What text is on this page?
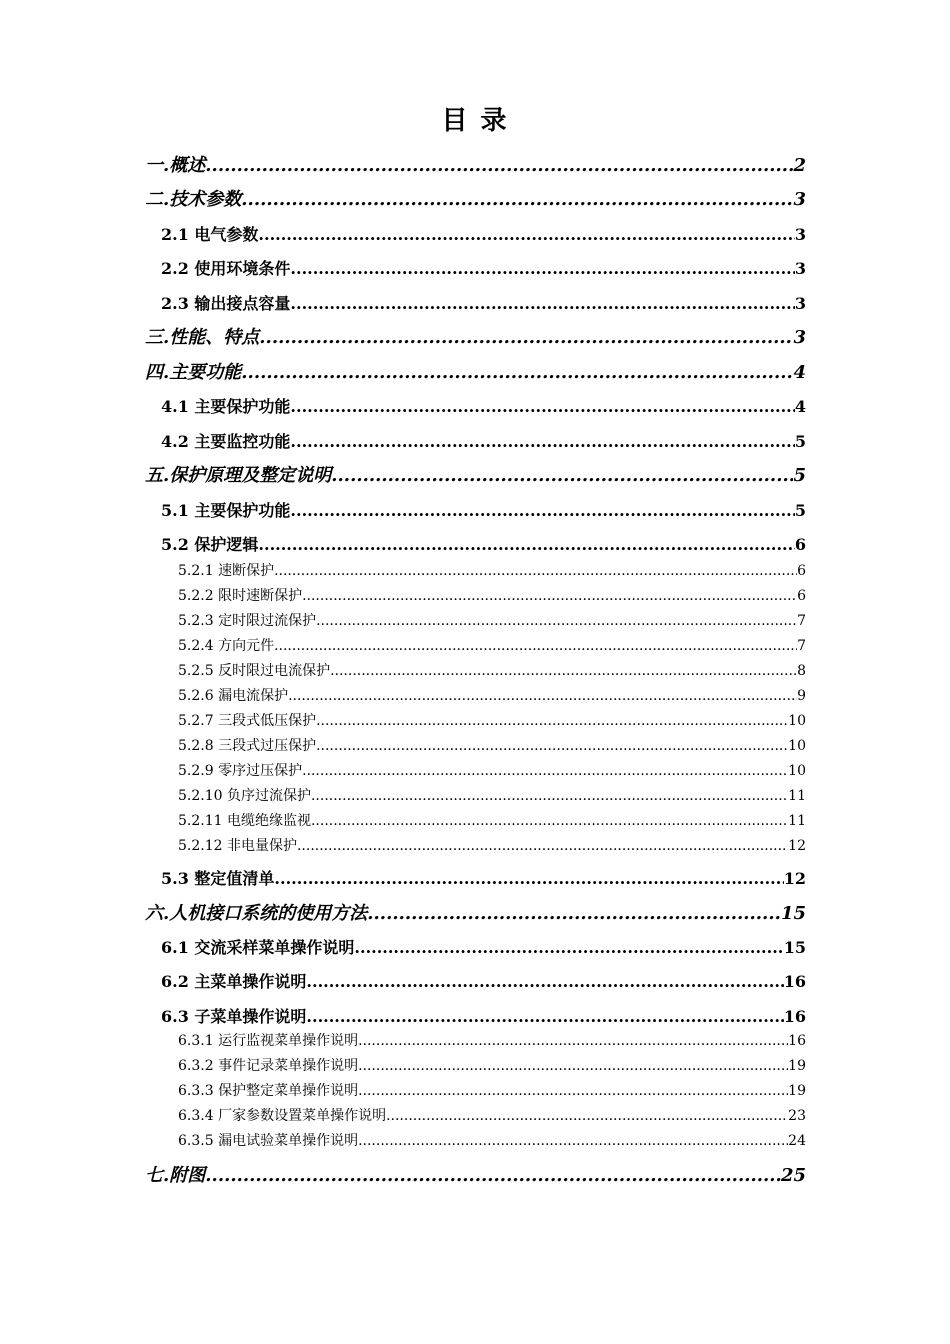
目 录
一.概述 .....	2
二.技术参数 .....	3
2.1 电气参数 .....	3
2.2 使用环境条件 .....	3
2.3 输出接点容量 .....	3
三.性能、特点 .....	3
四.主要功能 .....	4
4.1 主要保护功能 .....	4
4.2 主要监控功能 .....	5
五.保护原理及整定说明 .....	5
5.1 主要保护功能 .....	5
5.2 保护逻辑 .....	6
5.2.1 速断保护 .....	6
5.2.2 限时速断保护 .....	6
5.2.3 定时限过流保护 .....	7
5.2.4 方向元件 .....	7
5.2.5 反时限过电流保护 .....	8
5.2.6 漏电流保护 .....	9
5.2.7 三段式低压保护 .....	10
5.2.8 三段式过压保护 .....	10
5.2.9 零序过压保护 .....	10
5.2.10 负序过流保护 .....	11
5.2.11 电缆绝缘监视 .....	11
5.2.12 非电量保护 .....	12
5.3 整定值清单 .....	12
六.人机接口系统的使用方法 .....	15
6.1 交流采样菜单操作说明 .....	15
6.2 主菜单操作说明 .....	16
6.3 子菜单操作说明 .....	16
6.3.1 运行监视菜单操作说明 .....	16
6.3.2 事件记录菜单操作说明 .....	19
6.3.3 保护整定菜单操作说明 .....	19
6.3.4 厂家参数设置菜单操作说明 .....	23
6.3.5 漏电试验菜单操作说明 .....	24
七.附图 .....	25
